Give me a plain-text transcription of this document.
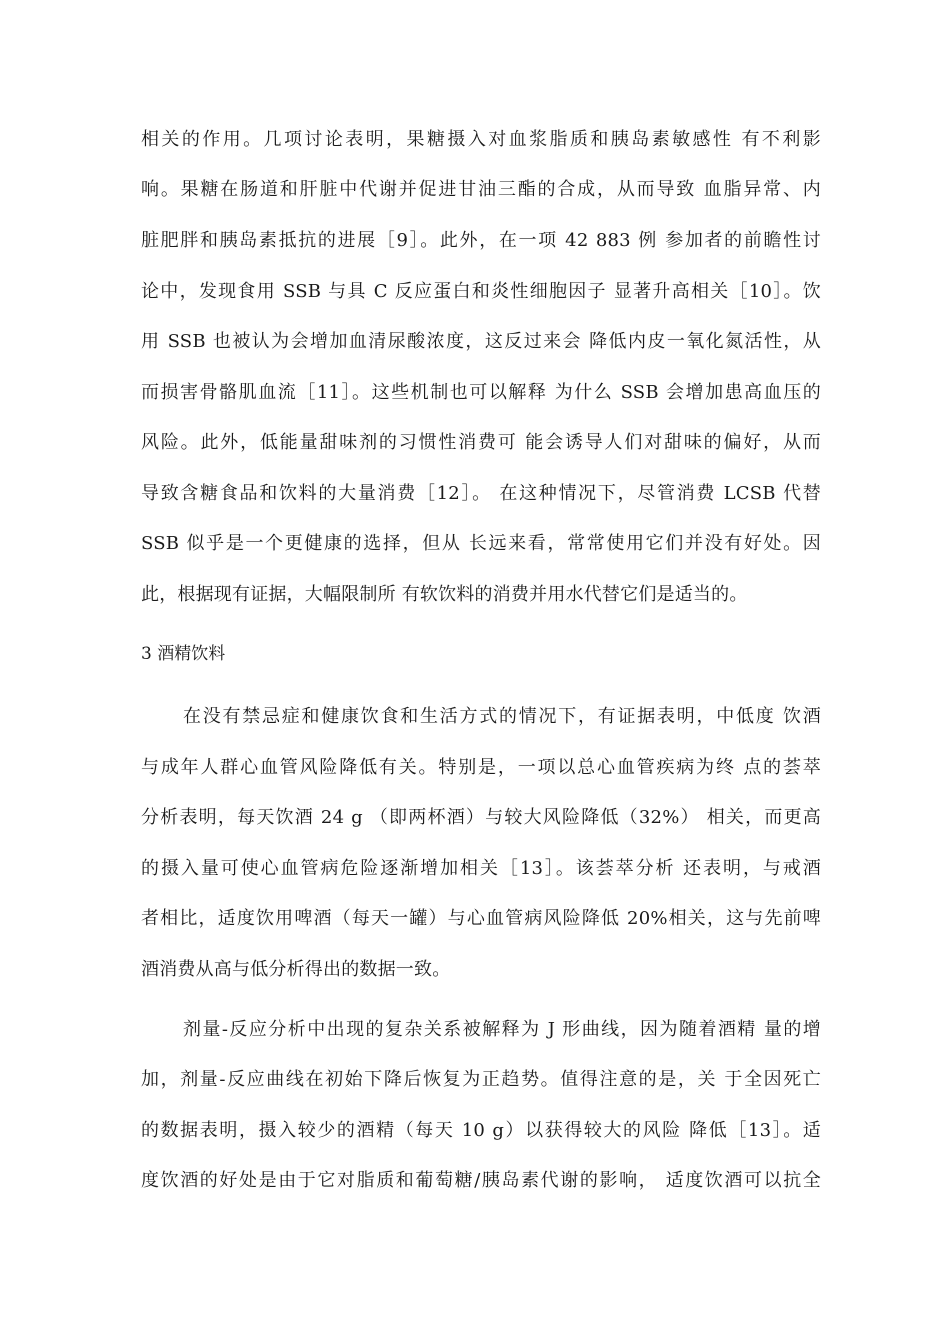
相关的作用。几项讨论表明，果糖摄入对血浆脂质和胰岛素敏感性 有不利影
响。果糖在肠道和肝脏中代谢并促进甘油三酯的合成，从而导致 血脂异常、内
脏肥胖和胰岛素抵抗的进展［9］。此外，在一项 42 883 例 参加者的前瞻性讨
论中，发现食用 SSB 与具 C 反应蛋白和炎性细胞因子 显著升高相关［10］。饮
用 SSB 也被认为会增加血清尿酸浓度，这反过来会 降低内皮一氧化氮活性，从
而损害骨骼肌血流［11］。这些机制也可以解释 为什么 SSB 会增加患高血压的
风险。此外，低能量甜味剂的习惯性消费可 能会诱导人们对甜味的偏好，从而
导致含糖食品和饮料的大量消费［12］。 在这种情况下，尽管消费 LCSB 代替
SSB 似乎是一个更健康的选择，但从 长远来看，常常使用它们并没有好处。因
此，根据现有证据，大幅限制所 有软饮料的消费并用水代替它们是适当的。
3 酒精饮料
在没有禁忌症和健康饮食和生活方式的情况下，有证据表明，中低度 饮酒
与成年人群心血管风险降低有关。特别是，一项以总心血管疾病为终 点的荟萃
分析表明，每天饮酒 24 g （即两杯酒）与较大风险降低（32%） 相关，而更高
的摄入量可使心血管病危险逐渐增加相关［13］。该荟萃分析 还表明，与戒酒
者相比，适度饮用啤酒（每天一罐）与心血管病风险降低 20%相关，这与先前啤
酒消费从高与低分析得出的数据一致。
剂量-反应分析中出现的复杂关系被解释为 J 形曲线，因为随着酒精 量的增
加，剂量-反应曲线在初始下降后恢复为正趋势。值得注意的是，关 于全因死亡
的数据表明，摄入较少的酒精（每天 10 g）以获得较大的风险 降低［13］。适
度饮酒的好处是由于它对脂质和葡萄糖/胰岛素代谢的影响， 适度饮酒可以抗全
